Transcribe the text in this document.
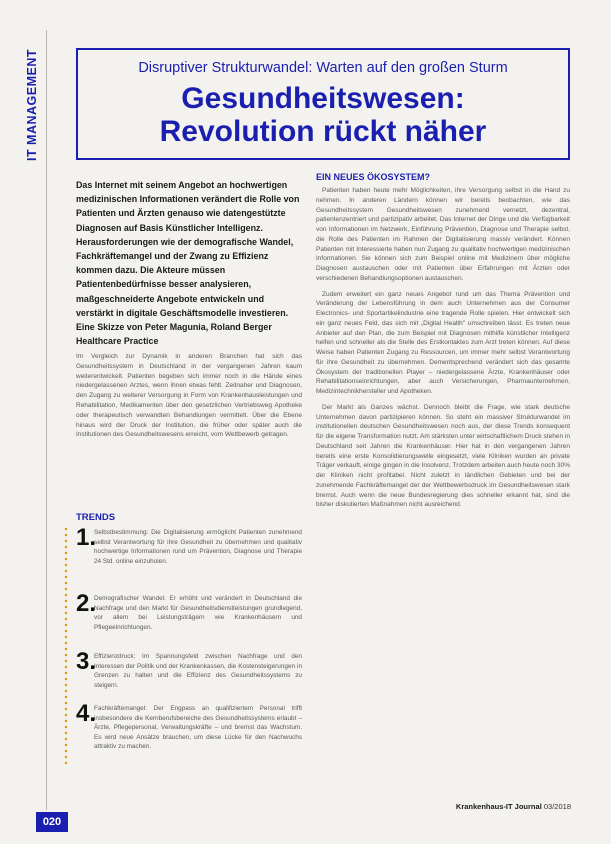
IT MANAGEMENT	Disruptiver Strukturwandel: Warten auf den großen Sturm
Gesundheitswesen:
Revolution rückt näher

Das Internet mit seinem Angebot an hochwertigen medizinischen Informationen verändert die Rolle von Patienten und Ärzten genauso wie datengestützte Diagnosen auf Basis Künstlicher Intelligenz. Herausforderungen wie der demografische Wandel, Fachkräftemangel und der Zwang zu Effizienz kommen dazu. Die Akteure müssen Patientenbedürfnisse besser analysieren, maßgeschneiderte Angebote entwickeln und verstärkt in digitale Geschäftsmodelle investieren. Eine Skizze von Peter Magunia, Roland Berger Healthcare Practice

Im Vergleich zur Dynamik in anderen Branchen hat sich das Gesundheitssystem in Deutschland in der vergangenen Jahren kaum weiterentwickelt. Patienten begeben sich immer noch in die Hände eines niedergelassenen Arztes, wenn ihnen etwas fehlt. Zeitnaher und Diagnosen, den Zugang zu weiterer Versorgung in Form von Krankenhausleistungen und Rehabilitation, Medikamenten über den gesetzlichen Vertriebsweg Apotheke oder therapeutisch verwandten Behandlungen vermittelt. Über die Ebene hinaus wird der Druck der Institution, die früher oder später auch die Institutionen des Gesundheitswesens erreicht, vom Wettbewerb getragen.

TRENDS
1.

Selbstbestimmung: Die Digitalisierung ermöglicht Patienten zunehmend selbst Verantwortung für ihre Gesundheit zu übernehmen und qualitativ hochwertige Informationen rund um Prävention, Diagnose und Therapie 24 Std. online einzuholen.

2.

Demografischer Wandel: Er erhöht und verändert in Deutschland die Nachfrage und den Markt für Gesundheitsdienstleistungen grundlegend, vor allem bei Leistungsträgern wie Krankenhäusern und Pflegeeinrichtungen.

3.

Effizienzdruck: Im Spannungsfeld zwischen Nachfrage und den Interessen der Politik und der Krankenkassen, die Kostensteigerungen in Grenzen zu halten und die Effizienz des Gesundheitssystems zu steigern.

4.

Fachkräftemangel: Der Engpass an qualifiziertem Personal trifft insbesondere die Kernberufsbereiche des Gesundheitssystems erlaubt – Ärzte, Pflegepersonal, Verwaltungskräfte – und bremst das Wachstum. Es wird neue Ansätze brauchen, um diese Lücke für den Nachwuchs attraktiv zu machen.

EIN NEUES ÖKOSYSTEM?

Patienten haben heute mehr Möglichkeiten, ihre Versorgung selbst in die Hand zu nehmen. In anderen Ländern können wir bereits beobachten, wie das Gesundheitssystem Gesundheitswesen zunehmend vernetzt, dezentral, patientenzentriert und partizipativ arbeitet. Das Internet der Dinge und die Verfügbarkeit von Informationen im Netzwerk, Einführung Prävention, Diagnose und Therapie selbst, die Rolle des Patienten im Rahmen der Digitalisierung massiv verändert. Können Patienten mit Interessierte haben nun Zugang zu qualitativ hochwertigen medizinischen Informationen. Sie können sich zum Beispiel online mit Medizinern über mögliche Diagnosen austauschen oder mit Patienten über Erfahrungen mit Ärzten oder verschiedenen Behandlungsoptionen austauschen.

Zudem erweitert ein ganz neues Angebot rund um das Thema Prävention und Veränderung der Lebensführung in dem auch Unternehmen aus der Consumer Electronics- und Sportartikelindustrie eine tragende Rolle spielen. Hier entwickelt sich ein ganz neues Feld, das sich mit „Digital Health" umschreiben lässt. Es treten neue Anbieter auf den Plan, die zum Beispiel mit Diagnosen mithilfe künstlicher Intelligenz helfen und schneller als die Stelle des Erstkontaktes zum Arzt treten können. Auf diese Weise haben Patienten Zugang zu Ressourcen, um immer mehr selbst Verantwortung für ihre Gesundheit zu übernehmen. Dementsprechend verändert sich das gesamte Ökosystem der traditionellen Player – niedergelassene Ärzte, Krankenhäuser oder Rehabilitationseinrichtungen, aber auch Versicherungen, Pharmaunternehmen, Medizintechnikhersteller und Apotheken.

Der Markt als Ganzes wächst. Dennoch bleibt die Frage, wie stark deutsche Unternehmen davon partizipieren können. So steht ein massiver Strukturwandel im institutionellen deutschen Gesundheitswesen noch aus, der diese Trends konsequent für die eigene Transformation nutzt. Am stärksten unter wirtschaftlichem Druck stehen in Deutschland seit Jahren die Krankenhäuser. Hier hat in den vergangenen Jahren bereits eine erste Konsolidierungswelle eingesetzt, viele Kliniken wurden an private Träger verkauft, einige gingen in die Insolvenz. Trotzdem arbeiten auch heute noch 30% der Kliniken nicht profitabel. Nicht zuletzt in ländlichen Gebieten und bei der zunehmende Fachkräftemangel der der Wettbewerbsdruck im Gesundheitswesen stark bremst. Auch wenn die neue Bundesregierung dies schneller erkannt hat, sind die bisher diskutierten Maßnahmen nicht ausreichend.

020
Krankenhaus-IT Journal 03/2018
